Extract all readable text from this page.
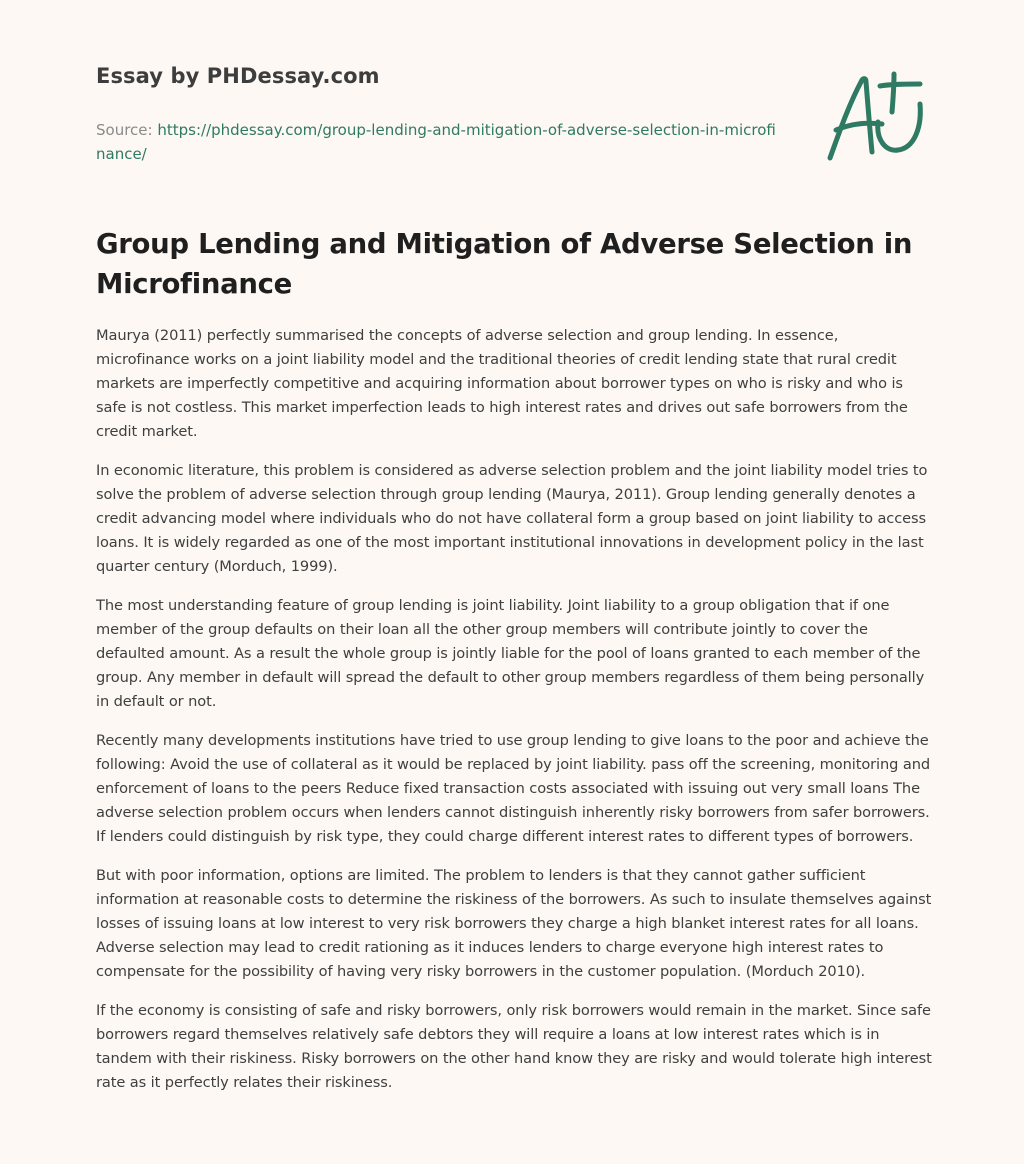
Essay by PHDessay.com
Source: https://phdessay.com/group-lending-and-mitigation-of-adverse-selection-in-microfinance/
Group Lending and Mitigation of Adverse Selection in Microfinance

Maurya (2011) perfectly summarised the concepts of adverse selection and group lending. In essence, microfinance works on a joint liability model and the traditional theories of credit lending state that rural credit markets are imperfectly competitive and acquiring information about borrower types on who is risky and who is safe is not costless. This market imperfection leads to high interest rates and drives out safe borrowers from the credit market.

In economic literature, this problem is considered as adverse selection problem and the joint liability model tries to solve the problem of adverse selection through group lending (Maurya, 2011). Group lending generally denotes a credit advancing model where individuals who do not have collateral form a group based on joint liability to access loans. It is widely regarded as one of the most important institutional innovations in development policy in the last quarter century (Morduch, 1999).

The most understanding feature of group lending is joint liability. Joint liability to a group obligation that if one member of the group defaults on their loan all the other group members will contribute jointly to cover the defaulted amount. As a result the whole group is jointly liable for the pool of loans granted to each member of the group. Any member in default will spread the default to other group members regardless of them being personally in default or not.

Recently many developments institutions have tried to use group lending to give loans to the poor and achieve the following: Avoid the use of collateral as it would be replaced by joint liability. pass off the screening, monitoring and enforcement of loans to the peers Reduce fixed transaction costs associated with issuing out very small loans The adverse selection problem occurs when lenders cannot distinguish inherently risky borrowers from safer borrowers. If lenders could distinguish by risk type, they could charge different interest rates to different types of borrowers.

But with poor information, options are limited. The problem to lenders is that they cannot gather sufficient information at reasonable costs to determine the riskiness of the borrowers. As such to insulate themselves against losses of issuing loans at low interest to very risk borrowers they charge a high blanket interest rates for all loans. Adverse selection may lead to credit rationing as it induces lenders to charge everyone high interest rates to compensate for the possibility of having very risky borrowers in the customer population. (Morduch 2010).

If the economy is consisting of safe and risky borrowers, only risk borrowers would remain in the market. Since safe borrowers regard themselves relatively safe debtors they will require a loans at low interest rates which is in tandem with their riskiness. Risky borrowers on the other hand know they are risky and would tolerate high interest rate as it perfectly relates their riskiness.
